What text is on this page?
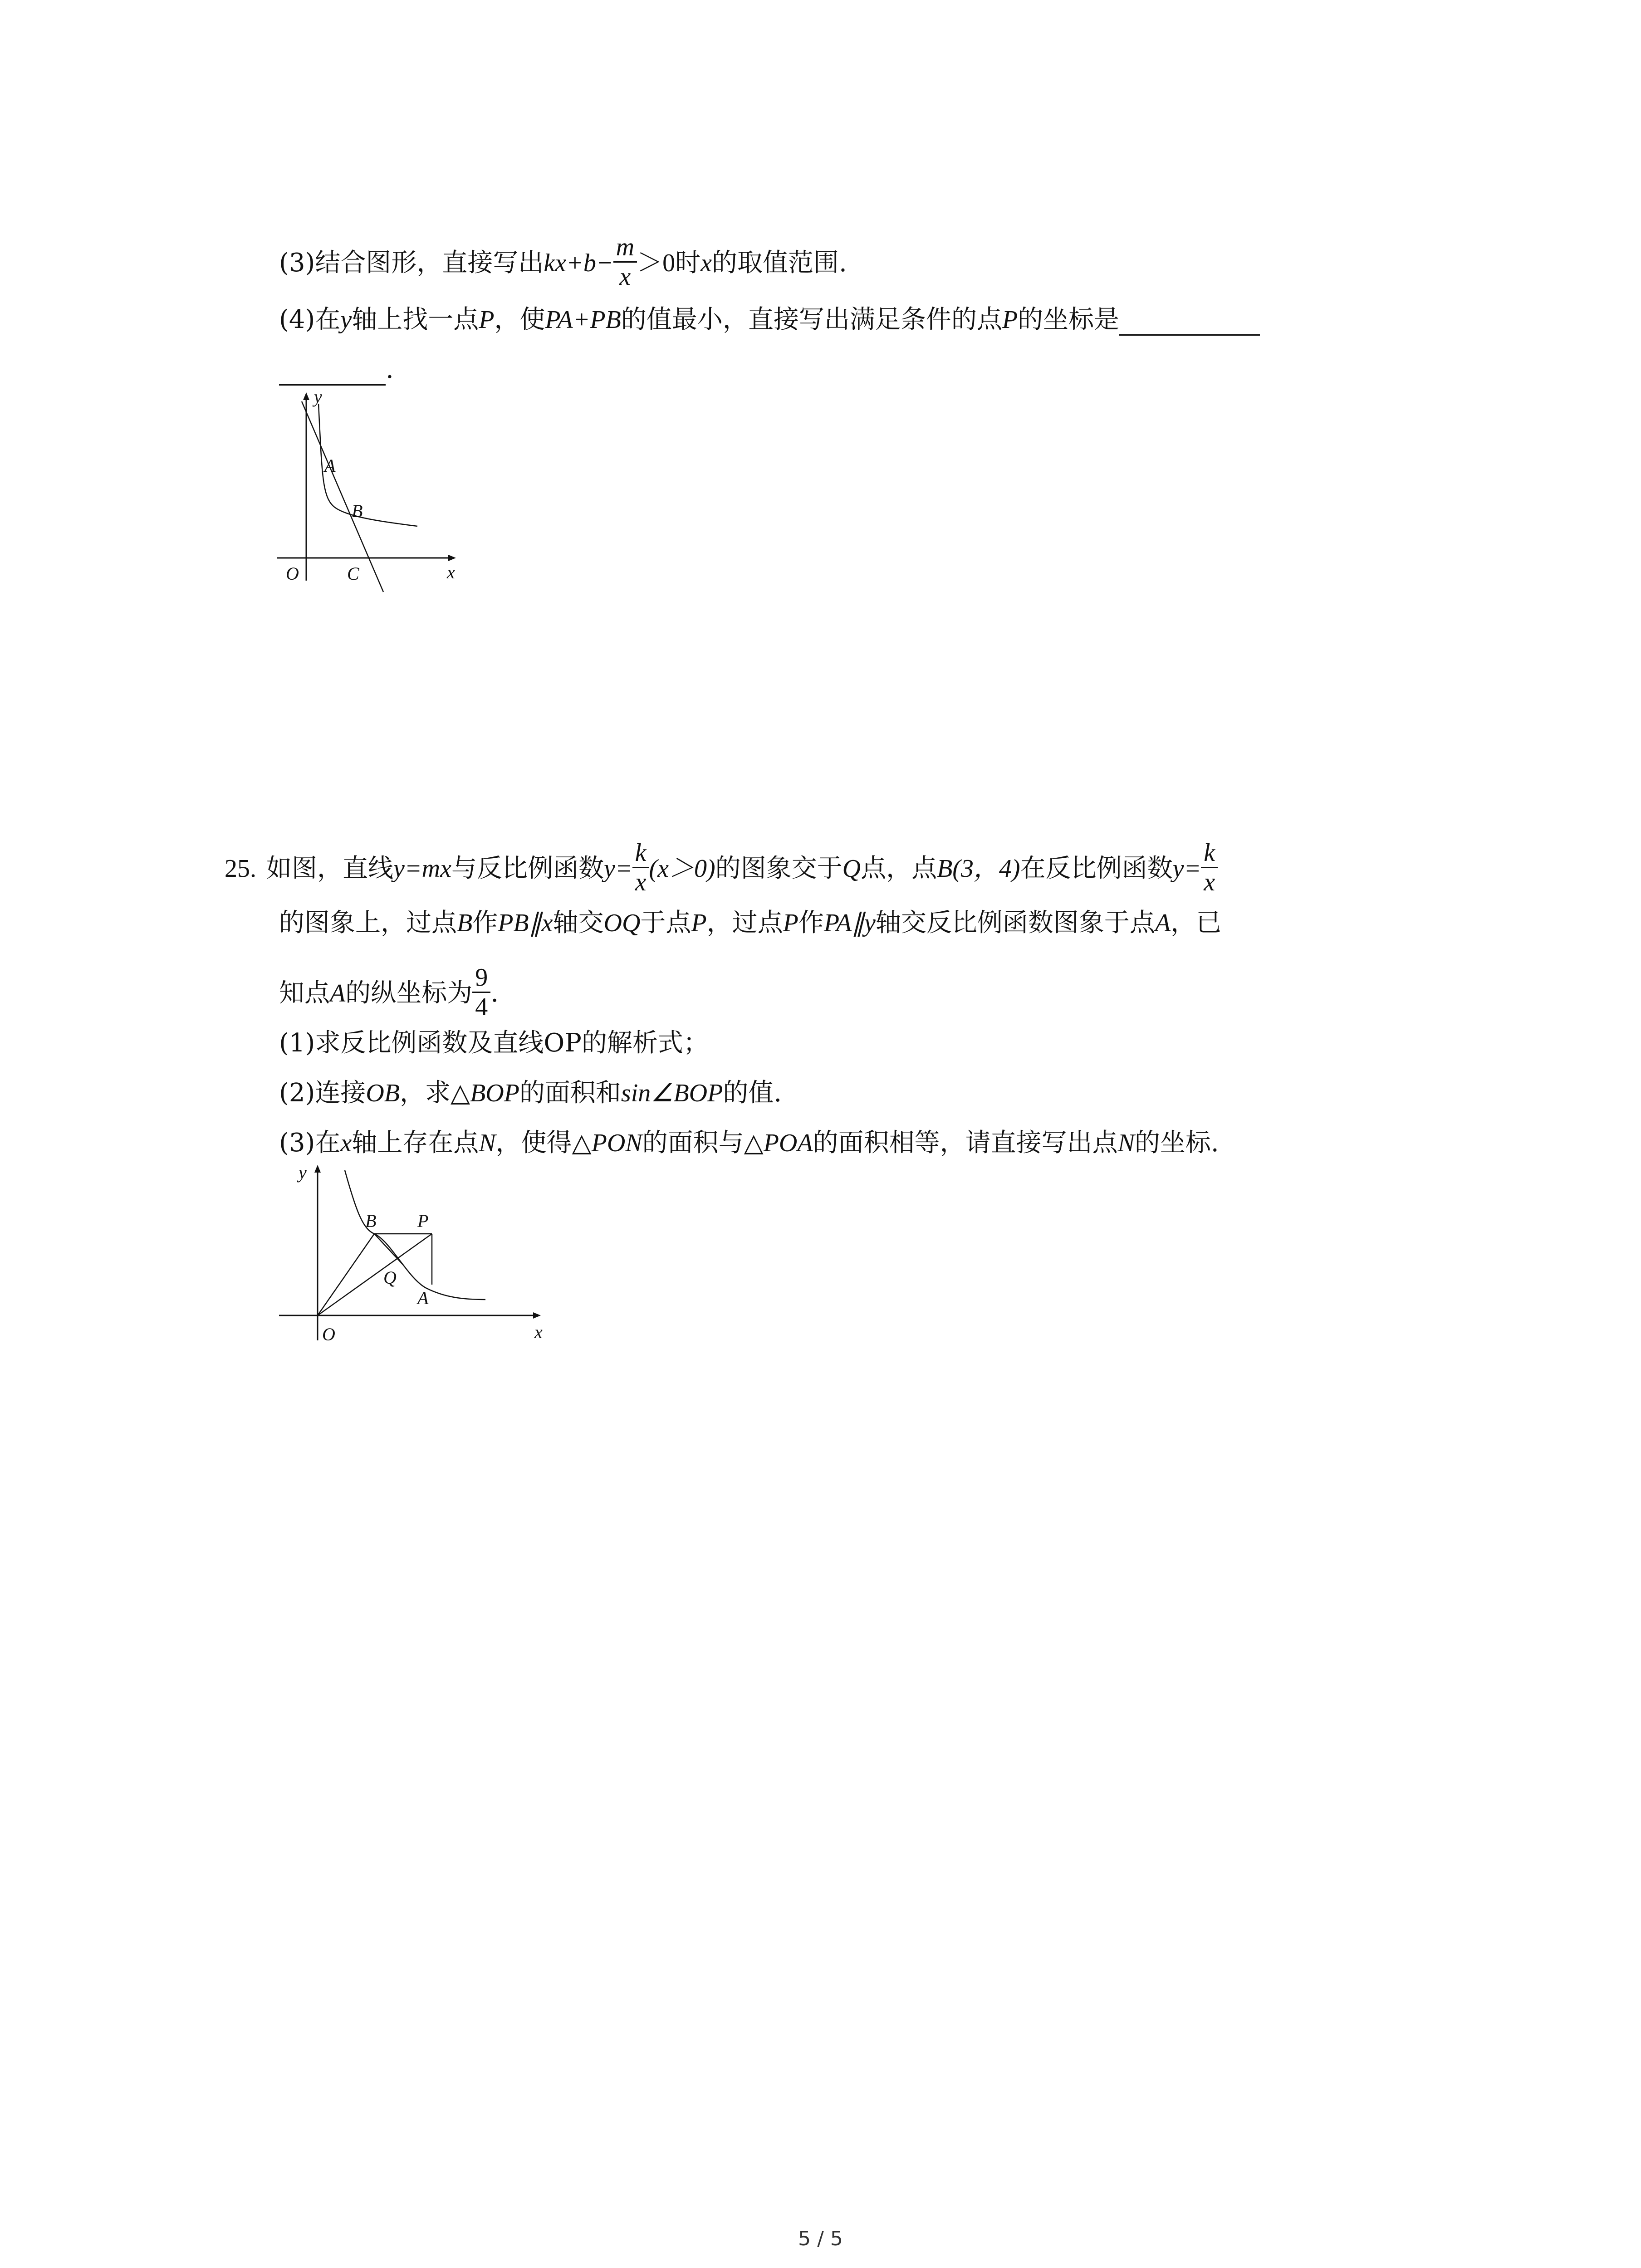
(3)结合图形，直接写出$kx+b- \frac{m}{x} >0$时x的取值范围.
(4)在y轴上找一点P，使PA+PB的值最小，直接写出满足条件的点P的坐标是
.
y
x
O
A
B
C
25. 如图，直线y=mx与反比例函数$y= \frac{k}{x} (x>0)$的图象交于Q点，点B(3，4)在反比例函数$y= \frac{k}{x}$
的图象上，过点B作PB∥x轴交OQ于点P，过点P作PA∥y轴交反比例函数图象于点A，已
知点A的纵坐标为 $\frac{9}{4}$ .
(1)求反比例函数及直线OP的解析式；
(2)连接OB，求△BOP的面积和sin∠BOP的值.
(3)在x轴上存在点N，使得△PON的面积与△POA的面积相等，请直接写出点N的坐标.
y
x
O
B P
Q
A
5 / 5
